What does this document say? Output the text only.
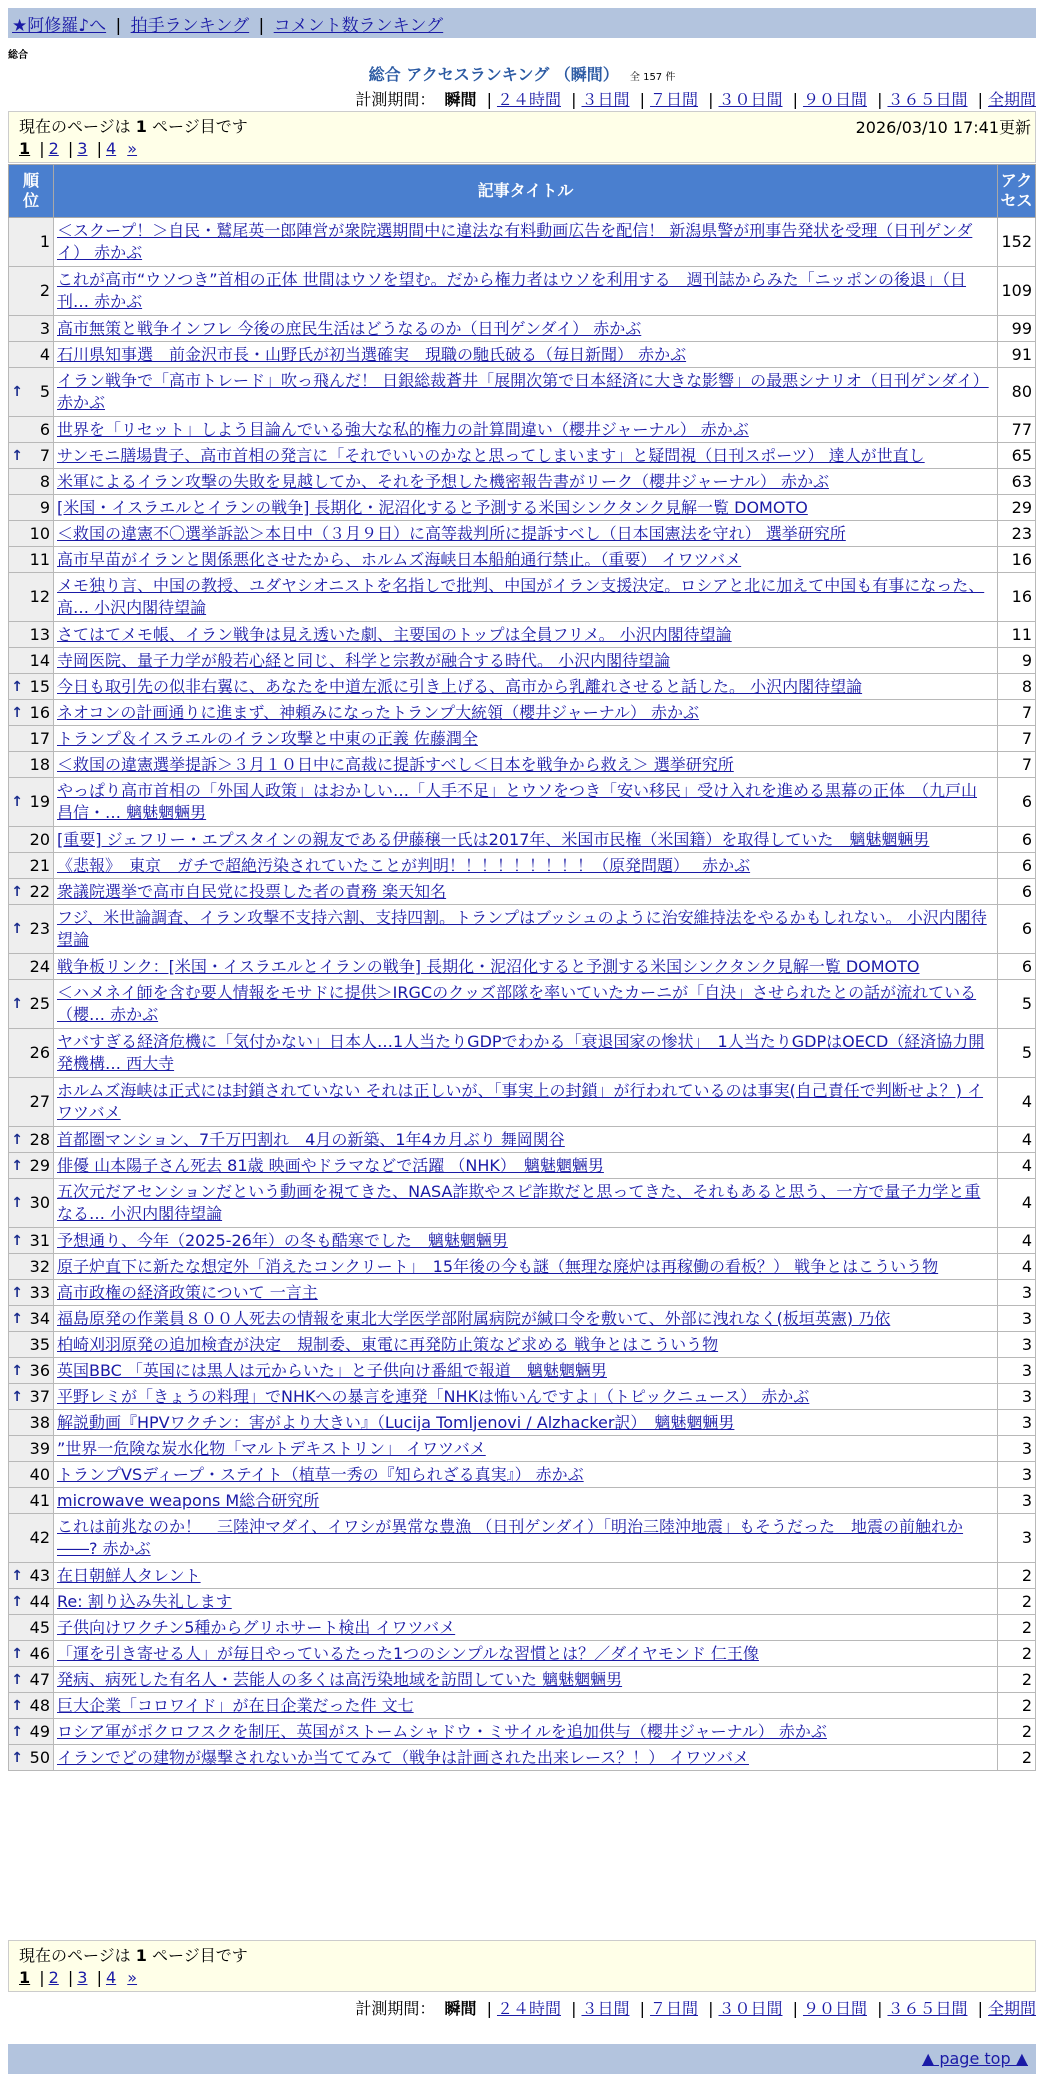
★阿修羅♪へ | 拍手ランキング | コメント数ランキング
総合
総合 アクセスランキング （瞬間） 全 157 件
計測期間： 瞬間 | ２４時間 | ３日間 | ７日間 | ３０日間 | ９０日間 | ３６５日間 | 全期間
現在のページは 1 ページ目です	2026/03/10 17:41更新
1 | 2 | 3 | 4 »
順位	記事タイトル	アクセス
1	＜スクープ！＞自民・鷲尾英一郎陣営が衆院選期間中に違法な有料動画広告を配信！ 新潟県警が刑事告発状を受理（日刊ゲンダイ） 赤かぶ	152
2	これが高市“ウソつき”首相の正体 世間はウソを望む。だから権力者はウソを利用する　週刊誌からみた「ニッポンの後退」（日刊… 赤かぶ	109
3	高市無策と戦争インフレ 今後の庶民生活はどうなるのか（日刊ゲンダイ） 赤かぶ	99
4	石川県知事選　前金沢市長・山野氏が初当選確実　現職の馳氏破る（毎日新聞） 赤かぶ	91

↑ 5	イラン戦争で「高市トレード」吹っ飛んだ！ 日銀総裁蒼井「展開次第で日本経済に大きな影響」の最悪シナリオ（日刊ゲンダイ） 赤かぶ	80
6	世界を「リセット」しよう目論んでいる強大な私的権力の計算間違い（櫻井ジャーナル） 赤かぶ	77

↑ 7	サンモニ膳場貴子、高市首相の発言に「それでいいのかなと思ってしまいます」と疑問視（日刊スポーツ） 達人が世直し	65
8	米軍によるイラン攻撃の失敗を見越してか、それを予想した機密報告書がリーク（櫻井ジャーナル） 赤かぶ	63
9	[米国・イスラエルとイランの戦争] 長期化・泥沼化すると予測する米国シンクタンク見解一覧 DOMOTO	29
10	＜救国の違憲不〇選挙訴訟＞本日中（３月９日）に高等裁判所に提訴すべし（日本国憲法を守れ） 選挙研究所	23
11	高市早苗がイランと関係悪化させたから、ホルムズ海峡日本船舶通行禁止。（重要） イワツバメ	16
12	メモ独り言、中国の教授、ユダヤシオニストを名指しで批判、中国がイラン支援決定。ロシアと北に加えて中国も有事になった、高… 小沢内閣待望論	16
13	さてはてメモ帳、イラン戦争は見え透いた劇、主要国のトップは全員フリメ。 小沢内閣待望論	11
14	寺岡医院、量子力学が般若心経と同じ、科学と宗教が融合する時代。 小沢内閣待望論	9

↑ 15	今日も取引先の似非右翼に、あなたを中道左派に引き上げる、高市から乳離れさせると話した。 小沢内閣待望論	8

↑ 16	ネオコンの計画通りに進まず、神頼みになったトランプ大統領（櫻井ジャーナル） 赤かぶ	7
17	トランプ＆イスラエルのイラン攻撃と中東の正義 佐藤潤全	7
18	＜救国の違憲選挙提訴＞３月１０日中に高裁に提訴すべし＜日本を戦争から救え＞ 選挙研究所	7

↑ 19	やっぱり高市首相の「外国人政策」はおかしい…「人手不足」とウソをつき「安い移民」受け入れを進める黒幕の正体　（九戸山 昌信・… 魑魅魍魎男	6
20	[重要] ジェフリー・エプスタインの親友である伊藤穣一氏は2017年、米国市民権（米国籍）を取得していた　魑魅魍魎男	6
21	《悲報》　東京　ガチで超絶汚染されていたことが判明！！！！！！！！！（原発問題）　 赤かぶ	6

↑ 22	衆議院選挙で高市自民党に投票した者の責務 楽天知名	6

↑ 23	フジ、米世論調査、イラン攻撃不支持六割、支持四割。トランプはブッシュのように治安維持法をやるかもしれない。 小沢内閣待望論	6
24	戦争板リンク：[米国・イスラエルとイランの戦争] 長期化・泥沼化すると予測する米国シンクタンク見解一覧 DOMOTO	6

↑ 25	＜ハメネイ師を含む要人情報をモサドに提供＞IRGCのクッズ部隊を率いていたカーニが「自決」させられたとの話が流れている（櫻… 赤かぶ	5
26	ヤバすぎる経済危機に「気付かない」日本人…1人当たりGDPでわかる「衰退国家の惨状」　1人当たりGDPはOECD（経済協力開発機構… 西大寺	5
27	ホルムズ海峡は正式には封鎖されていない それは正しいが、「事実上の封鎖」が行われているのは事実(自己責任で判断せよ？) イワツバメ	4

↑ 28	首都圏マンション、7千万円割れ　4月の新築、1年4カ月ぶり 舞岡関谷	4

↑ 29	俳優 山本陽子さん死去 81歳 映画やドラマなどで活躍 （NHK）　魑魅魍魎男	4

↑ 30	五次元だアセンションだという動画を視てきた、NASA詐欺やスピ詐欺だと思ってきた、それもあると思う、一方で量子力学と重なる… 小沢内閣待望論	4

↑ 31	予想通り、今年（2025-26年）の冬も酷寒でした　魑魅魍魎男	4
32	原子炉直下に新たな想定外「消えたコンクリート」　15年後の今も謎（無理な廃炉は再稼働の看板？） 戦争とはこういう物	4

↑ 33	高市政権の経済政策について 一言主	3

↑ 34	福島原発の作業員８００人死去の情報を東北大学医学部附属病院が緘口令を敷いて、外部に洩れなく(板垣英憲) 乃依	3
35	柏崎刈羽原発の追加検査が決定　規制委、東電に再発防止策など求める 戦争とはこういう物	3

↑ 36	英国BBC 「英国には黒人は元からいた」と子供向け番組で報道　魑魅魍魎男	3

↑ 37	平野レミが「きょうの料理」でNHKへの暴言を連発「NHKは怖いんですよ」（トピックニュース） 赤かぶ	3
38	解説動画『HPVワクチン：害がより大きい』（Lucija Tomljenovi / Alzhacker訳）　魑魅魍魎男	3
39	”世界一危険な炭水化物「マルトデキストリン」 イワツバメ	3
40	トランプVSディープ・ステイト（植草一秀の『知られざる真実』） 赤かぶ	3
41	microwave weapons M総合研究所	3
42	これは前兆なのか！　三陸沖マダイ、イワシが異常な豊漁 （日刊ゲンダイ）「明治三陸沖地震」もそうだった　地震の前触れか――? 赤かぶ	3

↑ 43	在日朝鮮人タレント	2

↑ 44	Re: 割り込み失礼します	2
45	子供向けワクチン5種からグリホサート検出 イワツバメ	2

↑ 46	「運を引き寄せる人」が毎日やっているたった1つのシンプルな習慣とは？／ダイヤモンド 仁王像	2

↑ 47	発病、病死した有名人・芸能人の多くは高汚染地域を訪問していた 魑魅魍魎男	2

↑ 48	巨大企業「コロワイド」が在日企業だった件 文七	2

↑ 49	ロシア軍がポクロフスクを制圧、英国がストームシャドウ・ミサイルを追加供与（櫻井ジャーナル） 赤かぶ	2

↑ 50	イランでどの建物が爆撃されないか当ててみて（戦争は計画された出来レース？！） イワツバメ	2
現在のページは 1 ページ目です
1 | 2 | 3 | 4 »
計測期間： 瞬間 | ２４時間 | ３日間 | ７日間 | ３０日間 | ９０日間 | ３６５日間 | 全期間
▲ page top ▲
